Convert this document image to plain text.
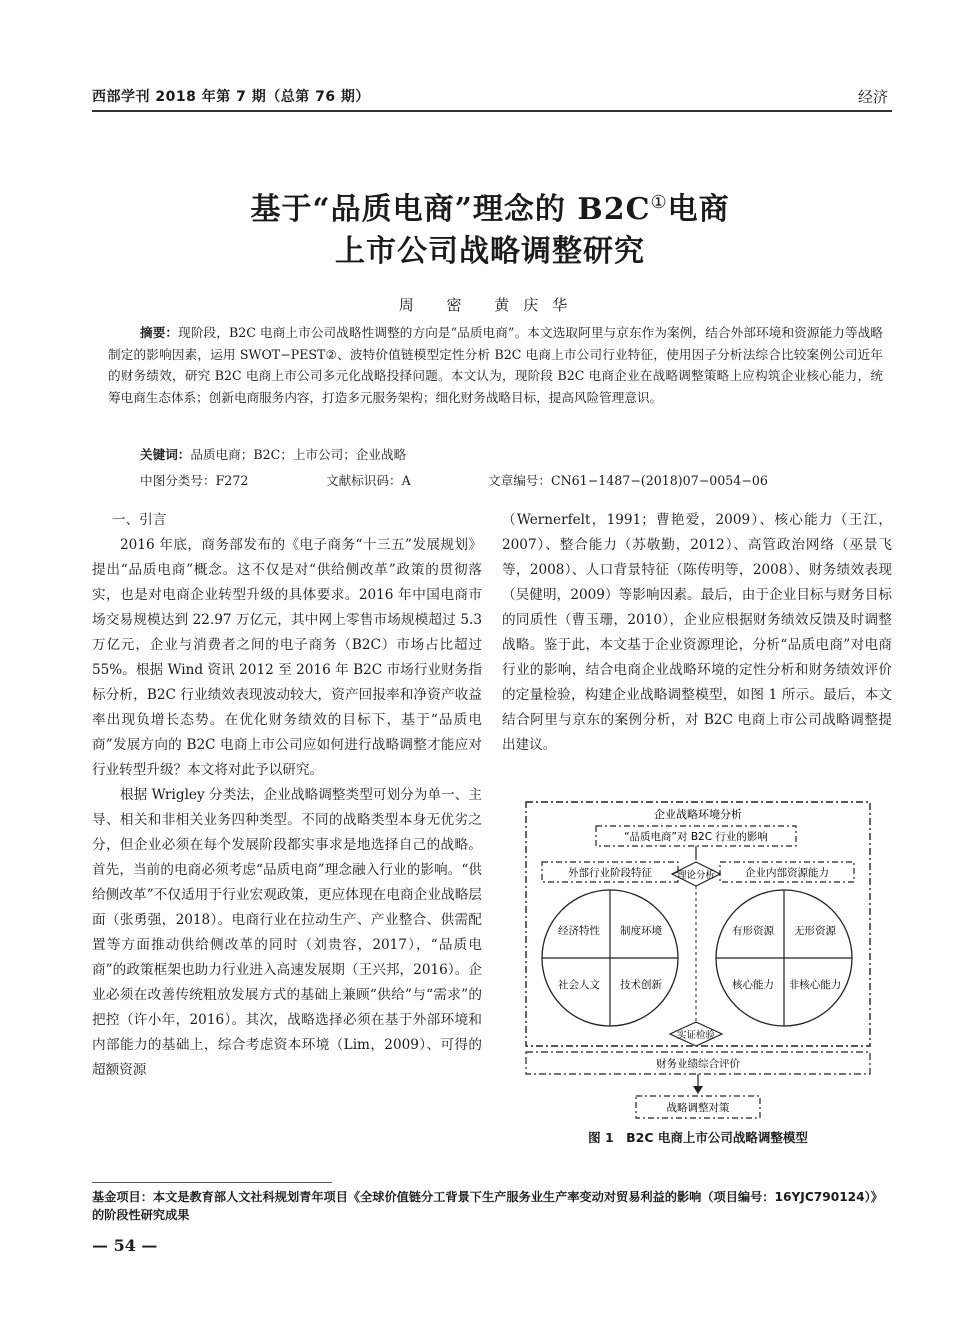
西部学刊 2018 年第 7 期（总第 76 期）	经济
基于“品质电商”理念的 B2C①电商
上市公司战略调整研究
周 密 黄庆华
摘要：现阶段，B2C 电商上市公司战略性调整的方向是“品质电商”。本文选取阿里与京东作为案例，结合外部环境和资源能力等战略制定的影响因素，运用 SWOT−PEST②、波特价值链模型定性分析 B2C 电商上市公司行业特征，使用因子分析法综合比较案例公司近年的财务绩效，研究 B2C 电商上市公司多元化战略投择问题。本文认为，现阶段 B2C 电商企业在战略调整策略上应构筑企业核心能力，统筹电商生态体系；创新电商服务内容，打造多元服务架构；细化财务战略目标，提高风险管理意识。
关键词：品质电商；B2C；上市公司；企业战略
中图分类号：F272	文献标识码：A	文章编号：CN61−1487−(2018)07−0054−06

一、引言

2016 年底，商务部发布的《电子商务“十三五”发展规划》提出“品质电商”概念。这不仅是对“供给侧改革”政策的贯彻落实，也是对电商企业转型升级的具体要求。2016 年中国电商市场交易规模达到 22.97 万亿元，其中网上零售市场规模超过 5.3 万亿元，企业与消费者之间的电子商务（B2C）市场占比超过 55%。根据 Wind 资讯 2012 至 2016 年 B2C 市场行业财务指标分析，B2C 行业绩效表现波动较大，资产回报率和净资产收益率出现负增长态势。在优化财务绩效的目标下，基于“品质电商”发展方向的 B2C 电商上市公司应如何进行战略调整才能应对行业转型升级？本文将对此予以研究。

根据 Wrigley 分类法，企业战略调整类型可划分为单一、主导、相关和非相关业务四种类型。不同的战略类型本身无优劣之分，但企业必须在每个发展阶段都实事求是地选择自己的战略。首先，当前的电商必须考虑“品质电商”理念融入行业的影响。“供给侧改革”不仅适用于行业宏观政策，更应体现在电商企业战略层面（张勇强，2018）。电商行业在拉动生产、产业整合、供需配置等方面推动供给侧改革的同时（刘贵容，2017），“品质电商”的政策框架也助力行业进入高速发展期（王兴邦，2016）。企业必须在改善传统粗放发展方式的基础上兼顾“供给”与“需求”的把控（许小年，2016）。其次，战略选择必须在基于外部环境和内部能力的基础上，综合考虑资本环境（Lim，2009）、可得的超额资源

（Wernerfelt，1991；曹艳爱，2009）、核心能力（王江，2007）、整合能力（苏敬勤，2012）、高管政治网络（巫景飞等，2008）、人口背景特征（陈传明等，2008）、财务绩效表现（吴健明，2009）等影响因素。最后，由于企业目标与财务目标的同质性（曹玉珊，2010），企业应根据财务绩效反馈及时调整战略。鉴于此，本文基于企业资源理论，分析“品质电商”对电商行业的影响，结合电商企业战略环境的定性分析和财务绩效评价的定量检验，构建企业战略调整模型，如图 1 所示。最后，本文结合阿里与京东的案例分析，对 B2C 电商上市公司战略调整提出建议。

企业战略环境分析
“品质电商”对 B2C 行业的影响
外部行业阶段特征	企业内部资源能力
理论分析
经济特性 制度环境
社会人文 技术创新
有形资源 无形资源
核心能力 非核心能力
实证检验
财务业绩综合评价
战略调整对策
图 1　B2C 电商上市公司战略调整模型
基金项目：本文是教育部人文社科规划青年项目《全球价值链分工背景下生产服务业生产率变动对贸易利益的影响（项目编号：16YJC790124）》的阶段性研究成果
— 54 —
